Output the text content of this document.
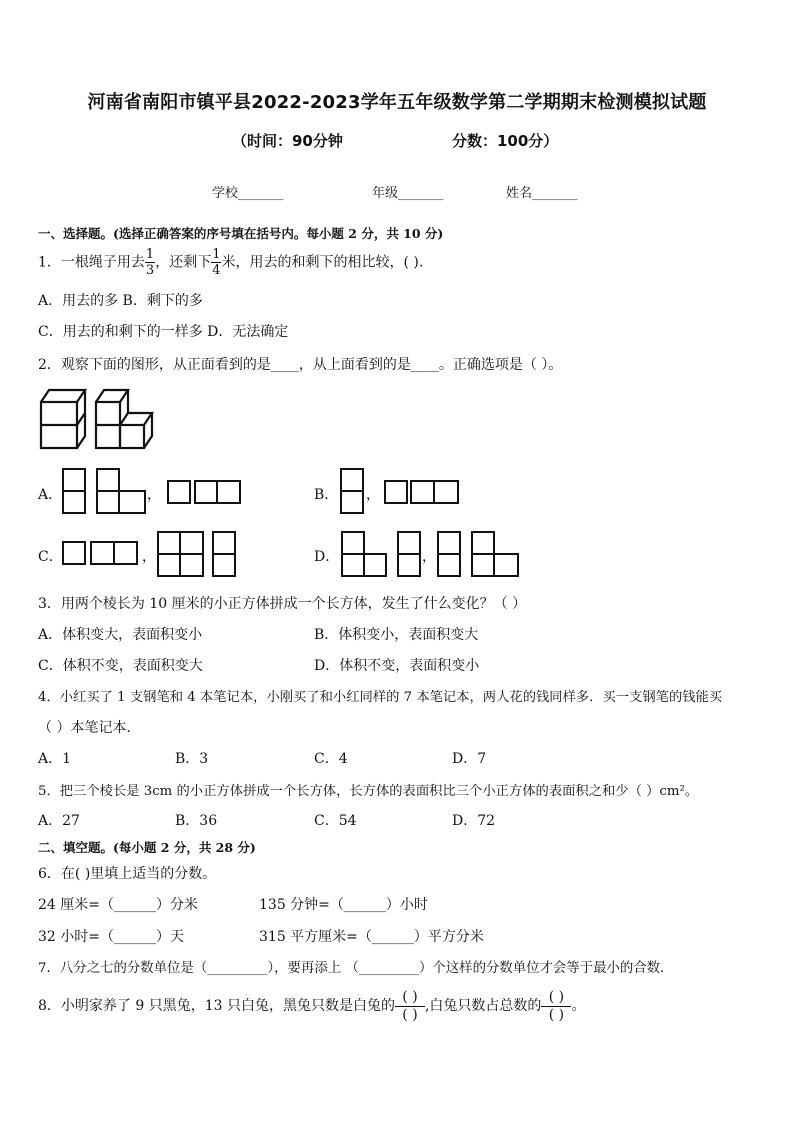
河南省南阳市镇平县2022-2023学年五年级数学第二学期期末检测模拟试题
（时间：90分钟	分数：100分）
学校_______	年级_______	姓名_______
一、选择题。(选择正确答案的序号填在括号内。每小题 2 分，共 10 分)
1．一根绳子用去 $\frac{1}{3}$ ，还剩下 $\frac{1}{4}$ 米，用去的和剩下的相比较，( ).
A．用去的多 B．剩下的多
C．用去的和剩下的一样多 D．无法确定
2．观察下面的图形，从正面看到的是____，从上面看到的是____。正确选项是（ ）。
A．	，	B． ，
C．	，	D．	，
3．用两个棱长为 10 厘米的小正方体拼成一个长方体，发生了什么变化？（ ）
A．体积变大，表面积变小	B．体积变小，表面积变大
C．体积不变，表面积变大	D．体积不变，表面积变小
4．小红买了 1 支钢笔和 4 本笔记本，小刚买了和小红同样的 7 本笔记本，两人花的钱同样多．买一支钢笔的钱能买
（ ）本笔记本．
A．1	B．3	C．4	D．7
5．把三个棱长是 3cm 的小正方体拼成一个长方体，长方体的表面积比三个小正方体的表面积之和少（ ）cm²。
A．27	B．36	C．54	D．72
二、填空题。(每小题 2 分，共 28 分)
6．在( )里填上适当的分数。
24 厘米=（______）分米	135 分钟=（______）小时
32 小时=（______）天	315 平方厘米=（______）平方分米
7．八分之七的分数单位是（_________），要再添上 （_________）个这样的分数单位才会等于最小的合数．
8．小明家养了 9 只黑兔，13 只白兔，黑兔只数是白兔的
( )
( )
,白兔只数占总数的
( )
( )
。
